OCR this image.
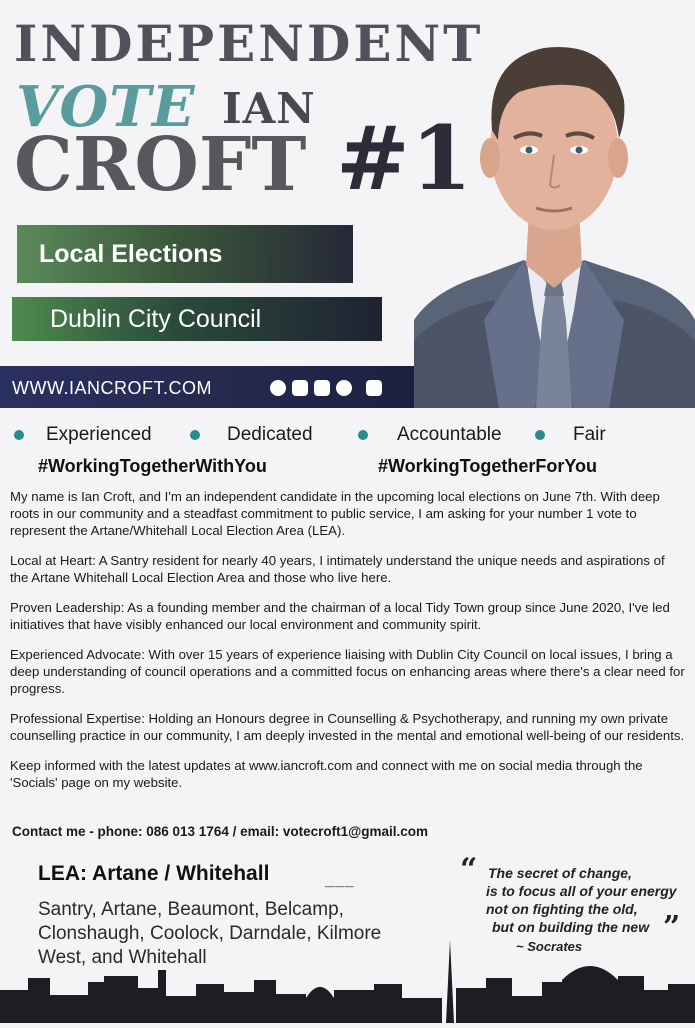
INDEPENDENT
VOTE IAN
CROFT #1
Local Elections
Dublin City Council
WWW.IANCROFT.COM
Experienced	Dedicated	Accountable	Fair
#WorkingTogetherWithYou	#WorkingTogetherForYou

My name is Ian Croft, and I'm an independent candidate in the upcoming local elections on June 7th. With deep roots in our community and a steadfast commitment to public service, I am asking for your number 1 vote to represent the Artane/Whitehall Local Election Area (LEA).

Local at Heart: A Santry resident for nearly 40 years, I intimately understand the unique needs and aspirations of the Artane Whitehall Local Election Area and those who live here.

Proven Leadership: As a founding member and the chairman of a local Tidy Town group since June 2020, I've led initiatives that have visibly enhanced our local environment and community spirit.

Experienced Advocate: With over 15 years of experience liaising with Dublin City Council on local issues, I bring a deep understanding of council operations and a committed focus on enhancing areas where there's a clear need for progress.

Professional Expertise: Holding an Honours degree in Counselling & Psychotherapy, and running my own private counselling practice in our community, I am deeply invested in the mental and emotional well-being of our residents.

Keep informed with the latest updates at www.iancroft.com and connect with me on social media through the 'Socials' page on my website.

Contact me - phone: 086 013 1764 / email: votecroft1@gmail.com
LEA: Artane / Whitehall	___
Santry, Artane, Beaumont, Belcamp, Clonshaugh, Coolock, Darndale, Kilmore West, and Whitehall
“ The secret of change,
is to focus all of your energy
not on fighting the old,
but on building the new
~ Socrates
”
